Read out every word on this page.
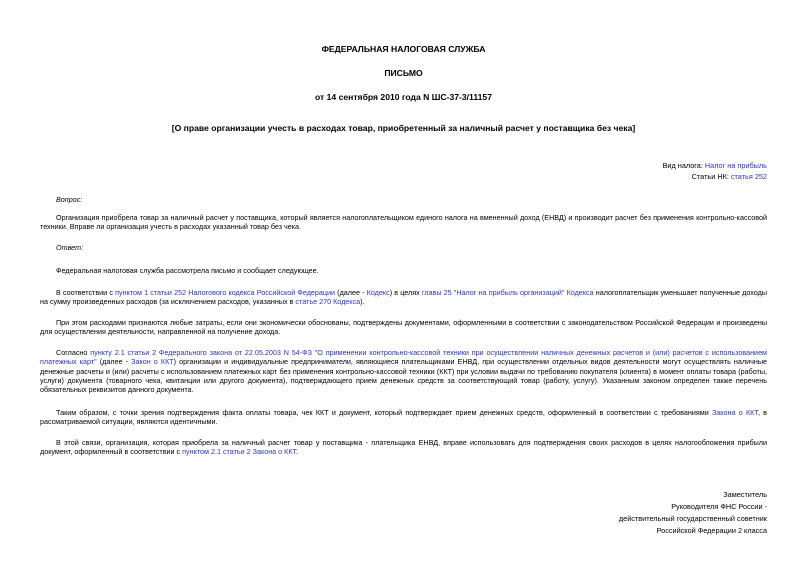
ФЕДЕРАЛЬНАЯ НАЛОГОВАЯ СЛУЖБА
ПИСЬМО
от 14 сентября 2010 года N ШС-37-3/11157
[О праве организации учесть в расходах товар, приобретенный за наличный расчет у поставщика без чека]
Вид налога: Налог на прибыль
Статьи НК: статья 252
Вопрос:
Организация приобрела товар за наличный расчет у поставщика, который является налогоплательщиком единого налога на вмененный доход (ЕНВД) и производит расчет без применения контрольно-кассовой техники. Вправе ли организация учесть в расходах указанный товар без чека.
Ответ:
Федеральная налоговая служба рассмотрела письмо и сообщает следующее.
В соответствии с пунктом 1 статьи 252 Налогового кодекса Российской Федерации (далее - Кодекс) в целях главы 25 "Налог на прибыль организаций" Кодекса налогоплательщик уменьшает полученные доходы на сумму произведенных расходов (за исключением расходов, указанных в статье 270 Кодекса).
При этом расходами признаются любые затраты, если они экономически обоснованы, подтверждены документами, оформленными в соответствии с законодательством Российской Федерации и произведены для осуществления деятельности, направленной на получение дохода.
Согласно пункту 2.1 статьи 2 Федерального закона от 22.05.2003 N 54-ФЗ "О применении контрольно-кассовой техники при осуществлении наличных денежных расчетов и (или) расчетов с использованием платежных карт" (далее - Закон о ККТ) организации и индивидуальные предприниматели, являющиеся плательщиками ЕНВД, при осуществлении отдельных видов деятельности могут осуществлять наличные денежные расчеты и (или) расчеты с использованием платежных карт без применения контрольно-кассовой техники (ККТ) при условии выдачи по требованию покупателя (клиента) в момент оплаты товара (работы, услуги) документа (товарного чека, квитанции или другого документа), подтверждающего прием денежных средств за соответствующий товар (работу, услугу). Указанным законом определен также перечень обязательных реквизитов данного документа.
Таким образом, с точки зрения подтверждения факта оплаты товара, чек ККТ и документ, который подтверждает прием денежных средств, оформленный в соответствии с требованиями Закона о ККТ, в рассматриваемой ситуации, являются идентичными.
В этой связи, организация, которая приобрела за наличный расчет товар у поставщика - плательщика ЕНВД, вправе использовать для подтверждения своих расходов в целях налогообложения прибыли документ, оформленный в соответствии с пунктом 2.1 статьи 2 Закона о ККТ.
Заместитель
Руководителя ФНС России -
действительный государственный советник
Российской Федерации 2 класса
